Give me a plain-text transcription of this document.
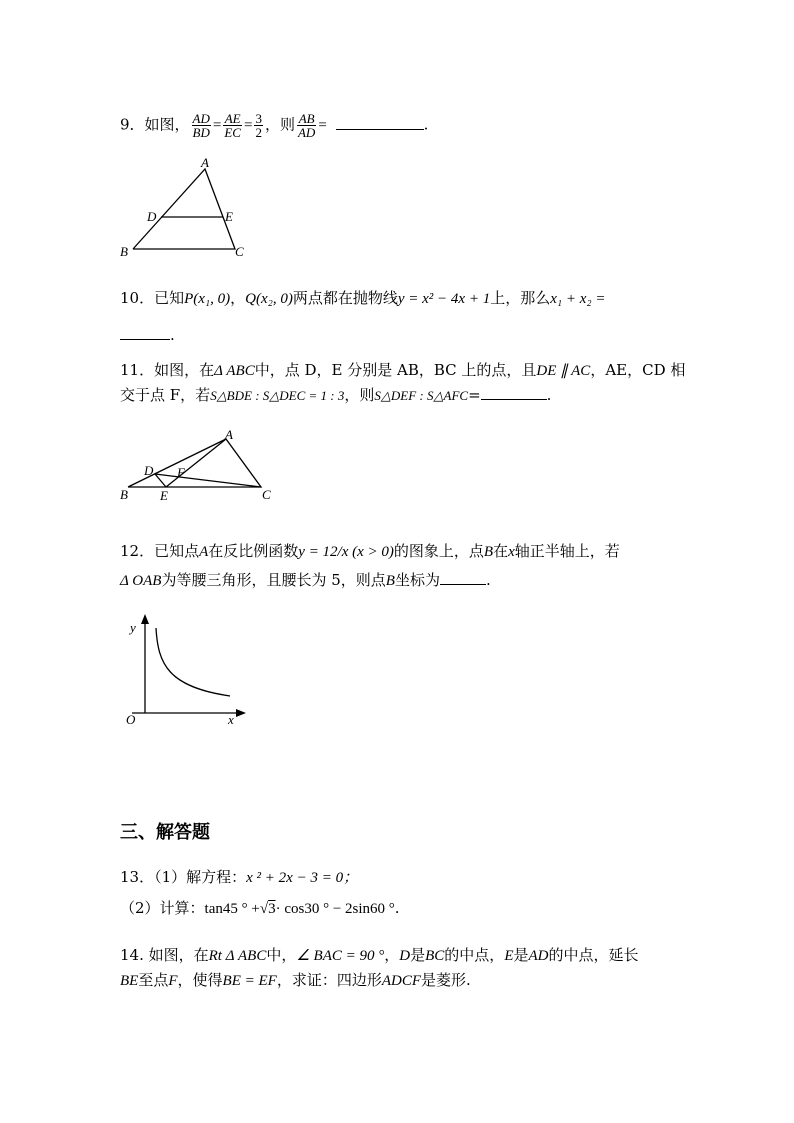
9．如图， $\frac{AD}{BD} = \frac{AE}{EC} = \frac{3}{2}$ ，则 $\frac{AB}{AD}$ =	.
A
B	C
D	E
10．已知P(x₁, 0)，Q(x₂, 0)两点都在抛物线y = x² − 4x + 1上，那么x₁ + x₂ =
.
11．如图，在Δ ABC中，点 D，E 分别是 AB，BC 上的点，且DE ∥ AC，AE，CD 相
交于点 F，若S△BDE : S△DEC = 1 : 3，则S△DEF : S△AFC=	.
A
B	C
D
E
F
12．已知点A在反比例函数y = 12/x (x > 0)的图象上，点B在x轴正半轴上，若
Δ OAB为等腰三角形，且腰长为 5，则点B坐标为	.
y
x
O
三、解答题
13．（1）解方程：x ² + 2x − 3 = 0；
（2）计算：tan45 ° +√3· cos30 ° − 2sin60 °.
14. 如图，在Rt Δ ABC中，∠ BAC = 90 °，D是BC的中点，E是AD的中点，延长
BE至点F，使得BE = EF，求证：四边形ADCF是菱形.
